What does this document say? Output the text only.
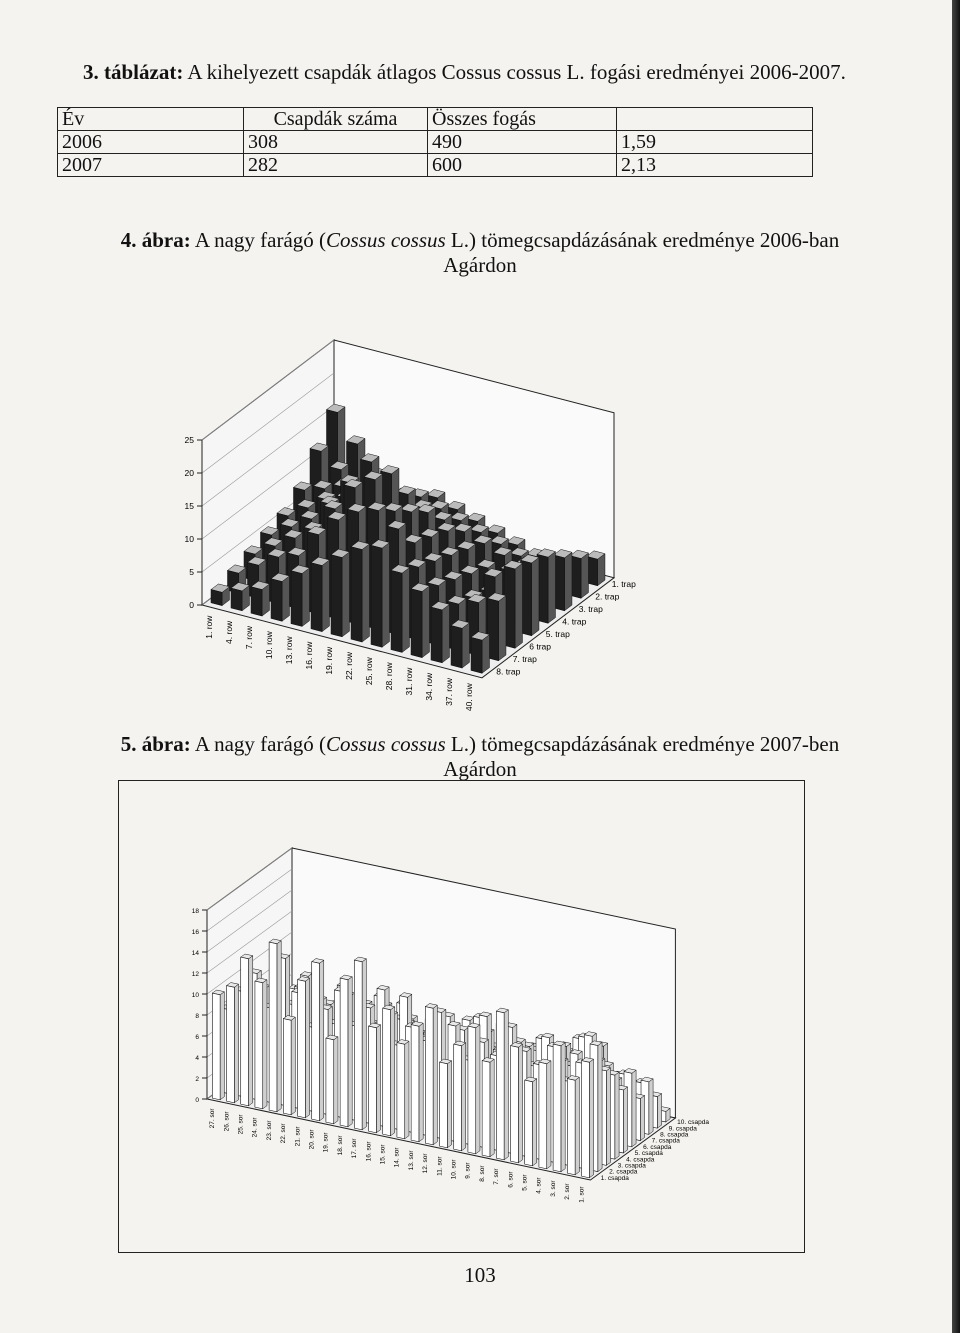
3. táblázat: A kihelyezett csapdák átlagos Cossus cossus L. fogási eredményei 2006-2007.
Év	Csapdák száma	Összes fogás	
2006	308	490	1,59
2007	282	600	2,13
4. ábra: A nagy farágó (Cossus cossus L.) tömegcsapdázásának eredménye 2006-ban
Agárdon
0
5
10
15
20
25
1. row 4. row 7. row 10. row 13. row 16. row 19. row 22. row 25. row 28. row 31. row 34. row 37. row 40. row
1. trap
2. trap
3. trap
4. trap
5. trap
6 trap
7. trap
8. trap
5. ábra: A nagy farágó (Cossus cossus L.) tömegcsapdázásának eredménye 2007-ben
Agárdon
0
2
4
6
8
10
12
14
16
18
27. sor 26. sor 25. sor 24. sor 23. sor 22. sor 21. sor 20. sor 19. sor 18. sor 17. sor 16. sor 15. sor 14. sor 13. sor 12. sor 11. sor 10. sor 9. sor 8. sor 7. sor 6. sor 5. sor 4. sor 3. sor 2. sor 1. sor
10. csapda
9. csapda
8. csapda
7. csapda
6. csapda
5. csapda
4. csapda
3. csapda
2. csapda
1. csapda
103
